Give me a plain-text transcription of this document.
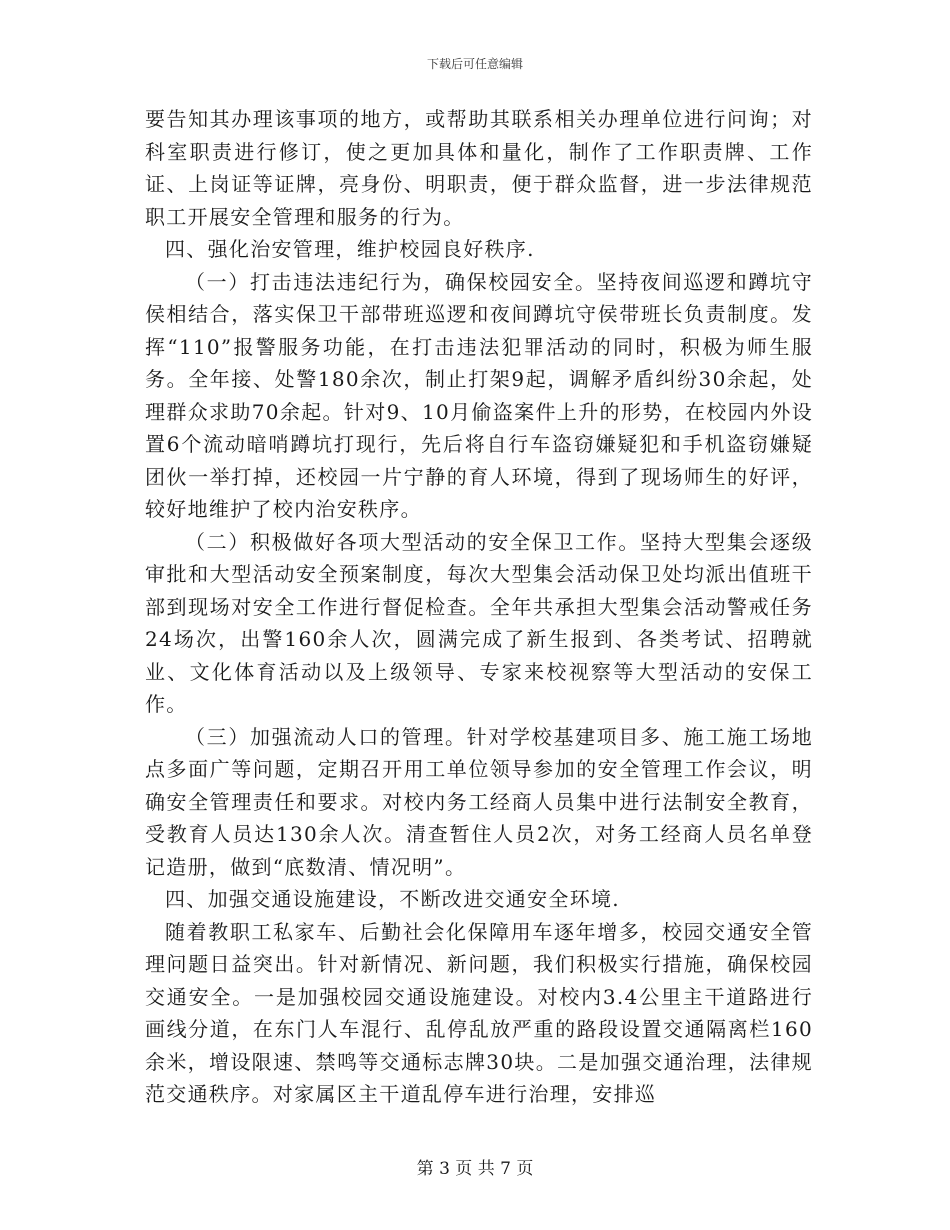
下载后可任意编辑

要告知其办理该事项的地方，或帮助其联系相关办理单位进行问询；对科室职责进行修订，使之更加具体和量化，制作了工作职责牌、工作证、上岗证等证牌，亮身份、明职责，便于群众监督，进一步法律规范职工开展安全管理和服务的行为。

四、强化治安管理，维护校园良好秩序.

（一）打击违法违纪行为，确保校园安全。坚持夜间巡逻和蹲坑守侯相结合，落实保卫干部带班巡逻和夜间蹲坑守侯带班长负责制度。发挥“110”报警服务功能，在打击违法犯罪活动的同时，积极为师生服务。全年接、处警180余次，制止打架9起，调解矛盾纠纷30余起，处理群众求助70余起。针对9、10月偷盗案件上升的形势，在校园内外设置6个流动暗哨蹲坑打现行，先后将自行车盗窃嫌疑犯和手机盗窃嫌疑团伙一举打掉，还校园一片宁静的育人环境，得到了现场师生的好评，较好地维护了校内治安秩序。

（二）积极做好各项大型活动的安全保卫工作。坚持大型集会逐级审批和大型活动安全预案制度，每次大型集会活动保卫处均派出值班干部到现场对安全工作进行督促检查。全年共承担大型集会活动警戒任务24场次，出警160余人次，圆满完成了新生报到、各类考试、招聘就业、文化体育活动以及上级领导、专家来校视察等大型活动的安保工作。

（三）加强流动人口的管理。针对学校基建项目多、施工施工场地点多面广等问题，定期召开用工单位领导参加的安全管理工作会议，明确安全管理责任和要求。对校内务工经商人员集中进行法制安全教育，受教育人员达130余人次。清查暂住人员2次，对务工经商人员名单登记造册，做到“底数清、情况明”。

四、加强交通设施建设，不断改进交通安全环境.

随着教职工私家车、后勤社会化保障用车逐年增多，校园交通安全管理问题日益突出。针对新情况、新问题，我们积极实行措施，确保校园交通安全。一是加强校园交通设施建设。对校内3.4公里主干道路进行画线分道，在东门人车混行、乱停乱放严重的路段设置交通隔离栏160余米，增设限速、禁鸣等交通标志牌30块。二是加强交通治理，法律规范交通秩序。对家属区主干道乱停车进行治理，安排巡

第 3 页 共 7 页
